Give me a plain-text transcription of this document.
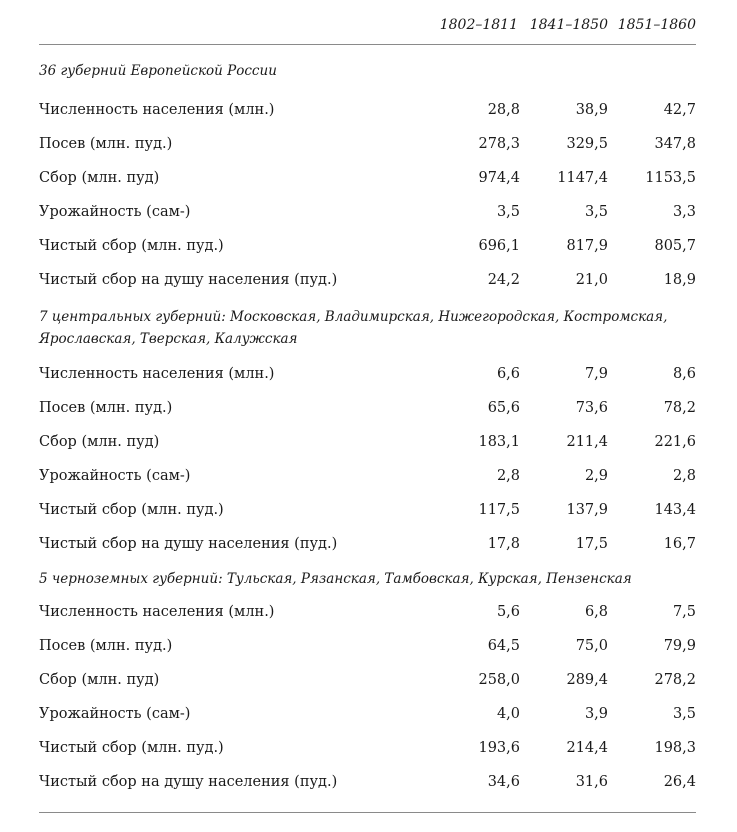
1802–1811 1841–1850 1851–1860
36 губерний Европейской России
Численность населения (млн.)	28,8	38,9	42,7
Посев (млн. пуд.)	278,3	329,5	347,8
Сбор (млн. пуд)	974,4	1147,4	1153,5
Урожайность (сам-)	3,5	3,5	3,3
Чистый сбор (млн. пуд.)	696,1	817,9	805,7
Чистый сбор на душу населения (пуд.)	24,2	21,0	18,9
7 центральных губерний: Московская, Владимирская, Нижегородская, Костромская, Ярославская, Тверская, Калужская
Численность населения (млн.)	6,6	7,9	8,6
Посев (млн. пуд.)	65,6	73,6	78,2
Сбор (млн. пуд)	183,1	211,4	221,6
Урожайность (сам-)	2,8	2,9	2,8
Чистый сбор (млн. пуд.)	117,5	137,9	143,4
Чистый сбор на душу населения (пуд.)	17,8	17,5	16,7
5 черноземных губерний: Тульская, Рязанская, Тамбовская, Курская, Пензенская
Численность населения (млн.)	5,6	6,8	7,5
Посев (млн. пуд.)	64,5	75,0	79,9
Сбор (млн. пуд)	258,0	289,4	278,2
Урожайность (сам-)	4,0	3,9	3,5
Чистый сбор (млн. пуд.)	193,6	214,4	198,3
Чистый сбор на душу населения (пуд.)	34,6	31,6	26,4
